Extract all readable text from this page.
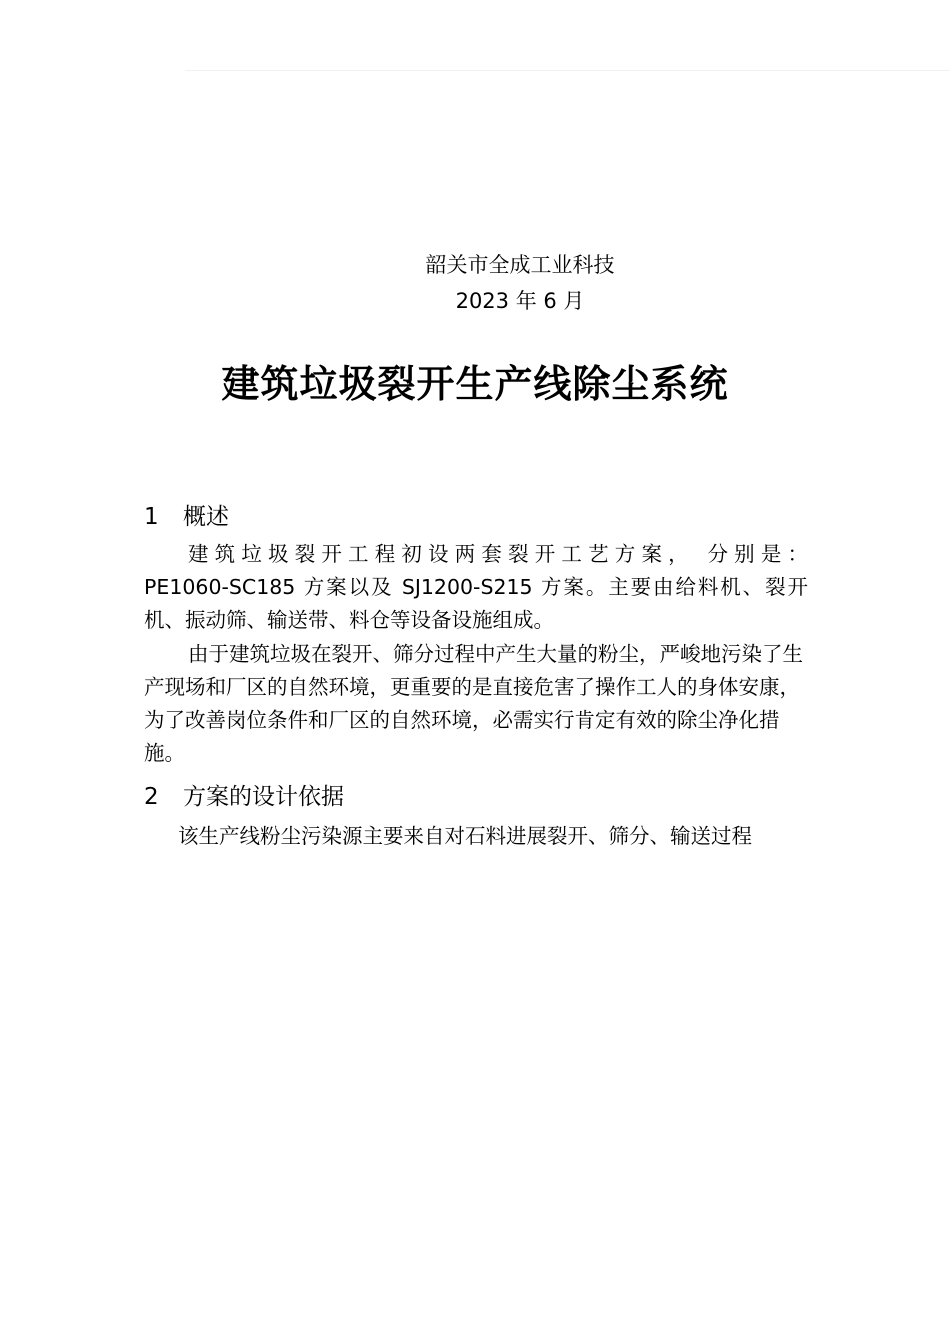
韶关市全成工业科技
2023 年 6 月
建筑垃圾裂开生产线除尘系统
1 概述
建筑垃圾裂开工程初设两套裂开工艺方案， 分别是：
PE1060-SC185 方案以及 SJ1200-S215 方案。主要由给料机、裂开机、振动筛、输送带、料仓等设备设施组成。
由于建筑垃圾在裂开、筛分过程中产生大量的粉尘，严峻地污染了生产现场和厂区的自然环境，更重要的是直接危害了操作工人的身体安康，为了改善岗位条件和厂区的自然环境，必需实行肯定有效的除尘净化措施。
2 方案的设计依据
该生产线粉尘污染源主要来自对石料进展裂开、筛分、输送过程
